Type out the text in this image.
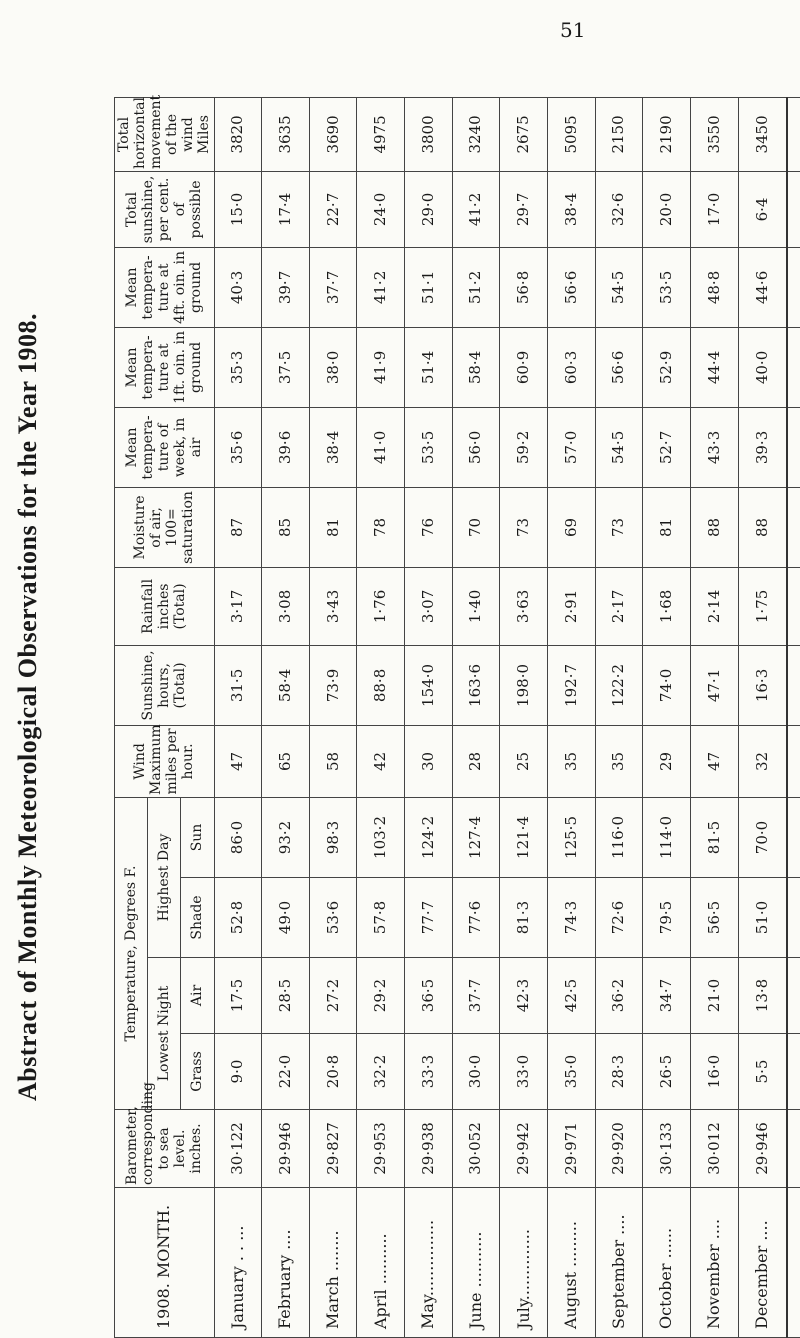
51
Abstract of Monthly Meteorological Observations for the Year 1908.
1908. MONTH.	Barometer, corresponding to sea level. inches.	Temperature, Degrees F.				Wind Maximum miles per hour.	Sunshine, hours, (Total)	Rainfall inches (Total)	Moisture of air, 100= saturation	Mean tempera-ture of week, in air	Mean tempera-ture at 1ft. oin. in ground	Mean tempera-ture at 4ft. oin. in ground	Total sunshine, per cent. of possible	Total horizontal movement of the wind Miles
		Lowest Night		Highest Day										
		Grass	Air	Shade	Sun									
January . . ...	30·122	9·0	17·5	52·8	86·0	47	31·5	3·17	87	35·6	35·3	40·3	15·0	3820
February ....	29·946	22·0	28·5	49·0	93·2	65	58·4	3·08	85	39·6	37·5	39·7	17·4	3635
March ........	29·827	20·8	27·2	53·6	98·3	58	73·9	3·43	81	38·4	38·0	37·7	22·7	3690
April ..........	29·953	32·2	29·2	57·8	103·2	42	88·8	1·76	78	41·0	41·9	41·2	24·0	4975
May...............	29·938	33·3	36·5	77·7	124·2	30	154·0	3·07	76	53·5	51·4	51·1	29·0	3800
June ...........	30·052	30·0	37·7	77·6	127·4	28	163·6	1·40	70	56·0	58·4	51·2	41·2	3240
July..............	29·942	33·0	42·3	81·3	121·4	25	198·0	3·63	73	59·2	60·9	56·8	29·7	2675
August .........	29·971	35·0	42·5	74·3	125·5	35	192·7	2·91	69	57·0	60·3	56·6	38·4	5095
September ....	29·920	28·3	36·2	72·6	116·0	35	122·2	2·17	73	54·5	56·6	54·5	32·6	2150
October ......	30·133	26·5	34·7	79·5	114·0	29	74·0	1·68	81	52·7	52·9	53·5	20·0	2190
November ....	30·012	16·0	21·0	56·5	81·5	47	47·1	2·14	88	43·3	44·4	48·8	17·0	3550
December ....	29·946	5·5	13·8	51·0	70·0	32	16·3	1·75	88	39·3	40·0	44·6	6·4	3450
